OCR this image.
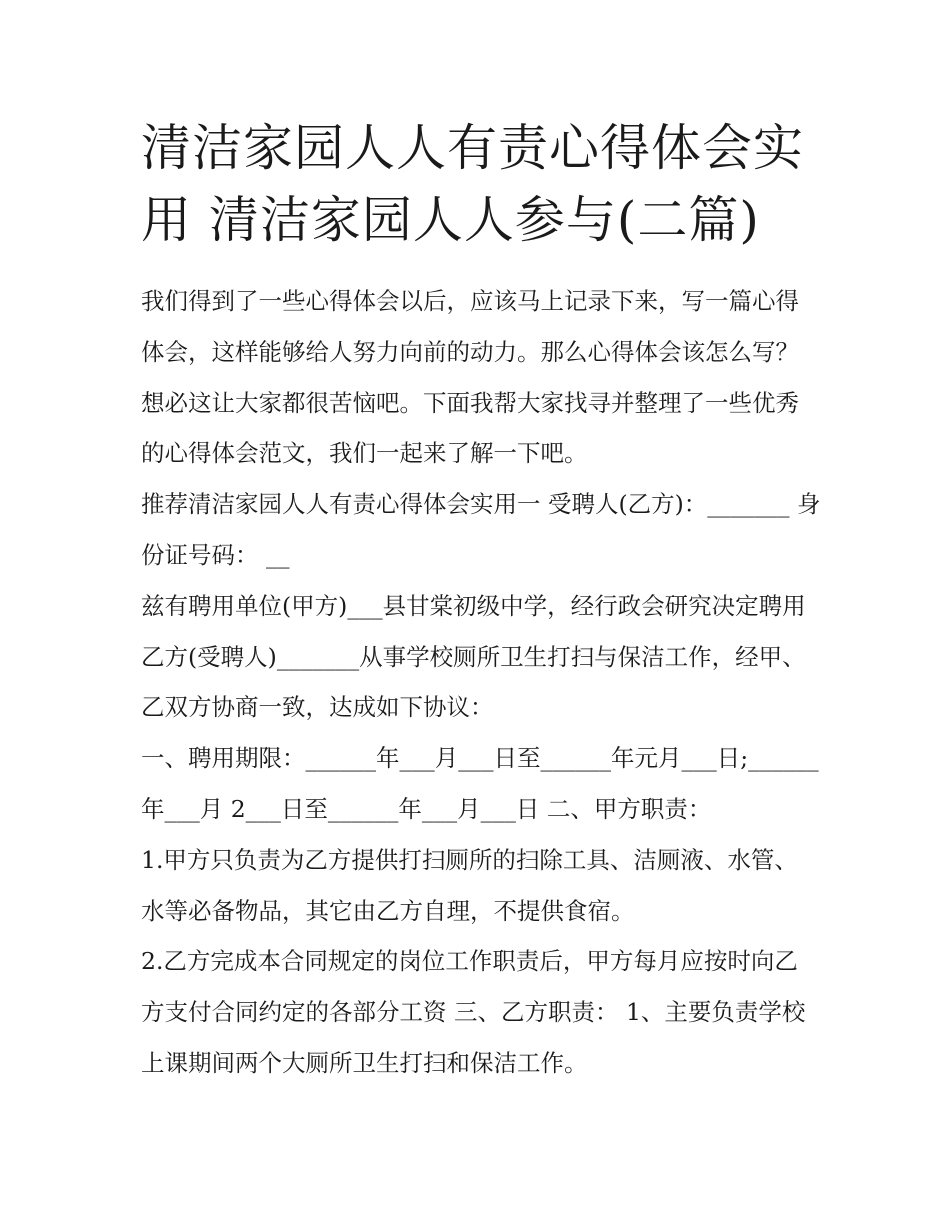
清洁家园人人有责心得体会实用 清洁家园人人参与(二篇)

我们得到了一些心得体会以后，应该马上记录下来，写一篇心得体会，这样能够给人努力向前的动力。那么心得体会该怎么写？想必这让大家都很苦恼吧。下面我帮大家找寻并整理了一些优秀的心得体会范文，我们一起来了解一下吧。

推荐清洁家园人人有责心得体会实用一 受聘人(乙方)：_______ 身份证号码： __

兹有聘用单位(甲方)___县甘棠初级中学，经行政会研究决定聘用乙方(受聘人)_______从事学校厕所卫生打扫与保洁工作，经甲、乙双方协商一致，达成如下协议：

一、聘用期限：______年___月___日至______年元月___日;______年___月 2___日至______年___月___日 二、甲方职责：

1.甲方只负责为乙方提供打扫厕所的扫除工具、洁厕液、水管、水等必备物品，其它由乙方自理，不提供食宿。

2.乙方完成本合同规定的岗位工作职责后，甲方每月应按时向乙方支付合同约定的各部分工资 三、乙方职责： 1、主要负责学校上课期间两个大厕所卫生打扫和保洁工作。
